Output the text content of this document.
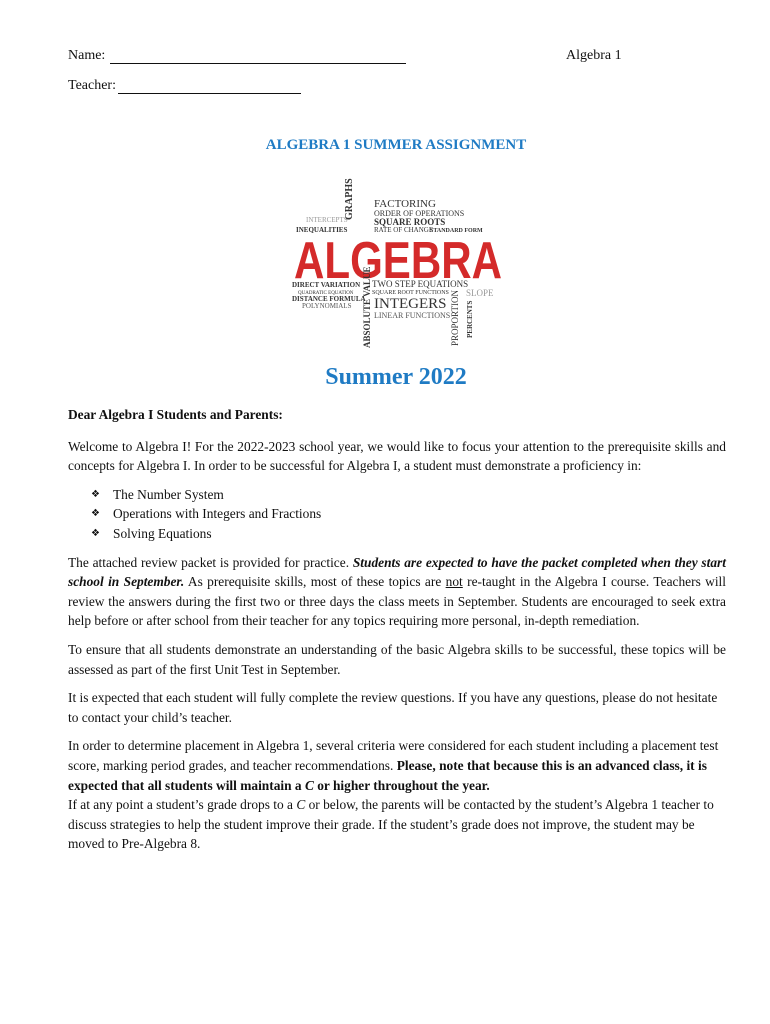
Name:	Algebra 1
Teacher:
ALGEBRA 1 SUMMER ASSIGNMENT
GRAPHS
INTERCEPTS
FACTORING
ORDER OF OPERATIONS
SQUARE ROOTS
INEQUALITIES	RATE OF CHANGE
STANDARD FORM
ALGEBRA
DIRECT VARIATION TWO STEP EQUATIONS
QUADRATIC EQUATION	SQUARE ROOT FUNCTIONS
DISTANCE FORMULA
POLYNOMIALS INTEGERS
LINEAR FUNCTIONS
SLOPE
ABSOLUTE VALUE	PROPORTION PERCENTS
Summer 2022
Dear Algebra I Students and Parents:

Welcome to Algebra I! For the 2022-2023 school year, we would like to focus your attention to the prerequisite skills and concepts for Algebra I. In order to be successful for Algebra I, a student must demonstrate a proficiency in:

❖ The Number System
❖ Operations with Integers and Fractions
❖ Solving Equations

The attached review packet is provided for practice. Students are expected to have the packet completed when they start school in September. As prerequisite skills, most of these topics are not re-taught in the Algebra I course. Teachers will review the answers during the first two or three days the class meets in September. Students are encouraged to seek extra help before or after school from their teacher for any topics requiring more personal, in-depth remediation.

To ensure that all students demonstrate an understanding of the basic Algebra skills to be successful, these topics will be assessed as part of the first Unit Test in September.

It is expected that each student will fully complete the review questions. If you have any questions, please do not hesitate to contact your child’s teacher.

In order to determine placement in Algebra 1, several criteria were considered for each student including a placement test score, marking period grades, and teacher recommendations. Please, note that because this is an advanced class, it is expected that all students will maintain a C or higher throughout the year.

If at any point a student’s grade drops to a C or below, the parents will be contacted by the student’s Algebra 1 teacher to discuss strategies to help the student improve their grade. If the student’s grade does not improve, the student may be moved to Pre-Algebra 8.
